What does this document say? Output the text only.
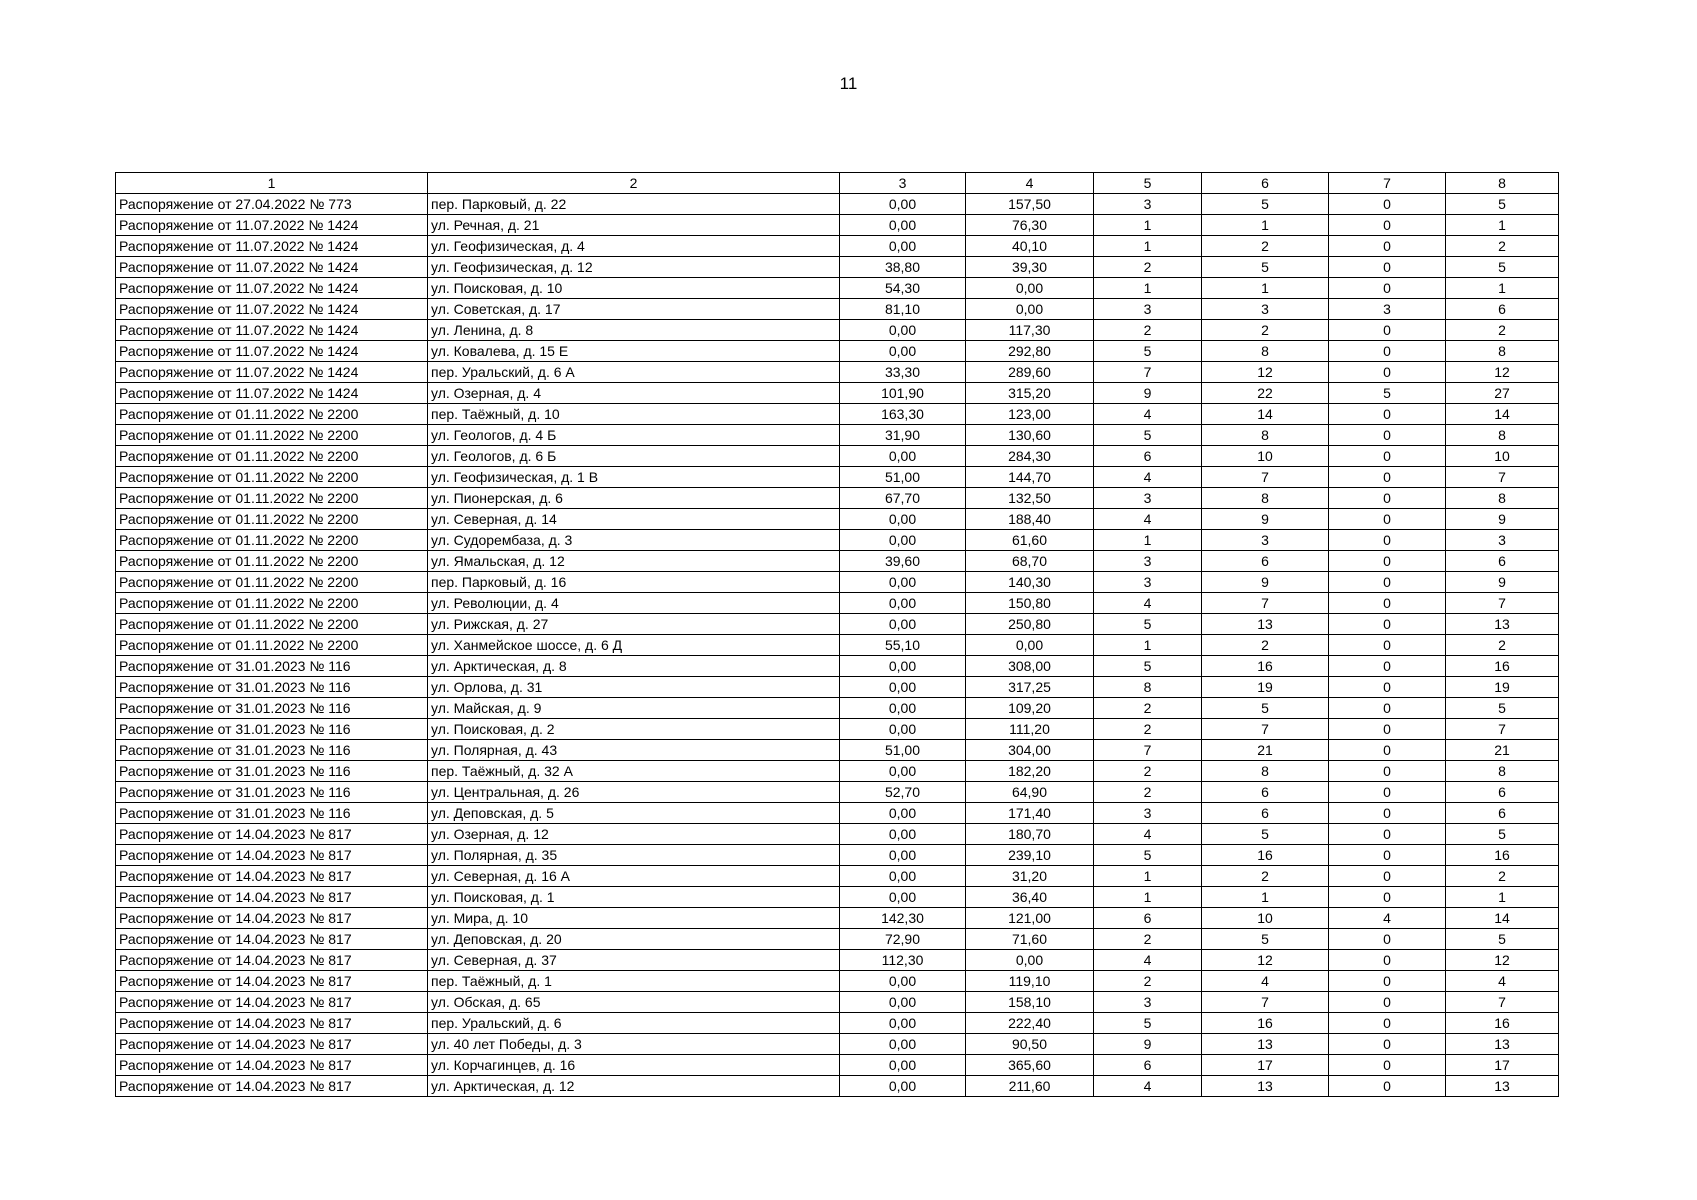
11
1	2	3	4	5	6	7	8
Распоряжение от 27.04.2022 № 773	пер. Парковый, д. 22	0,00	157,50	3	5	0	5
Распоряжение от 11.07.2022 № 1424	ул. Речная, д. 21	0,00	76,30	1	1	0	1
Распоряжение от 11.07.2022 № 1424	ул. Геофизическая, д. 4	0,00	40,10	1	2	0	2
Распоряжение от 11.07.2022 № 1424	ул. Геофизическая, д. 12	38,80	39,30	2	5	0	5
Распоряжение от 11.07.2022 № 1424	ул. Поисковая, д. 10	54,30	0,00	1	1	0	1
Распоряжение от 11.07.2022 № 1424	ул. Советская, д. 17	81,10	0,00	3	3	3	6
Распоряжение от 11.07.2022 № 1424	ул. Ленина, д. 8	0,00	117,30	2	2	0	2
Распоряжение от 11.07.2022 № 1424	ул. Ковалева, д. 15 Е	0,00	292,80	5	8	0	8
Распоряжение от 11.07.2022 № 1424	пер. Уральский, д. 6 А	33,30	289,60	7	12	0	12
Распоряжение от 11.07.2022 № 1424	ул. Озерная, д. 4	101,90	315,20	9	22	5	27
Распоряжение от 01.11.2022 № 2200	пер. Таёжный, д. 10	163,30	123,00	4	14	0	14
Распоряжение от 01.11.2022 № 2200	ул. Геологов, д. 4 Б	31,90	130,60	5	8	0	8
Распоряжение от 01.11.2022 № 2200	ул. Геологов, д. 6 Б	0,00	284,30	6	10	0	10
Распоряжение от 01.11.2022 № 2200	ул. Геофизическая, д. 1 В	51,00	144,70	4	7	0	7
Распоряжение от 01.11.2022 № 2200	ул. Пионерская, д. 6	67,70	132,50	3	8	0	8
Распоряжение от 01.11.2022 № 2200	ул. Северная, д. 14	0,00	188,40	4	9	0	9
Распоряжение от 01.11.2022 № 2200	ул. Судорембаза, д. 3	0,00	61,60	1	3	0	3
Распоряжение от 01.11.2022 № 2200	ул. Ямальская, д. 12	39,60	68,70	3	6	0	6
Распоряжение от 01.11.2022 № 2200	пер. Парковый, д. 16	0,00	140,30	3	9	0	9
Распоряжение от 01.11.2022 № 2200	ул. Революции, д. 4	0,00	150,80	4	7	0	7
Распоряжение от 01.11.2022 № 2200	ул. Рижская, д. 27	0,00	250,80	5	13	0	13
Распоряжение от 01.11.2022 № 2200	ул. Ханмейское шоссе, д. 6 Д	55,10	0,00	1	2	0	2
Распоряжение от 31.01.2023 № 116	ул. Арктическая, д. 8	0,00	308,00	5	16	0	16
Распоряжение от 31.01.2023 № 116	ул. Орлова, д. 31	0,00	317,25	8	19	0	19
Распоряжение от 31.01.2023 № 116	ул. Майская, д. 9	0,00	109,20	2	5	0	5
Распоряжение от 31.01.2023 № 116	ул. Поисковая, д. 2	0,00	111,20	2	7	0	7
Распоряжение от 31.01.2023 № 116	ул. Полярная, д. 43	51,00	304,00	7	21	0	21
Распоряжение от 31.01.2023 № 116	пер. Таёжный, д. 32 А	0,00	182,20	2	8	0	8
Распоряжение от 31.01.2023 № 116	ул. Центральная, д. 26	52,70	64,90	2	6	0	6
Распоряжение от 31.01.2023 № 116	ул. Деповская, д. 5	0,00	171,40	3	6	0	6
Распоряжение от 14.04.2023 № 817	ул. Озерная, д. 12	0,00	180,70	4	5	0	5
Распоряжение от 14.04.2023 № 817	ул. Полярная, д. 35	0,00	239,10	5	16	0	16
Распоряжение от 14.04.2023 № 817	ул. Северная, д. 16 А	0,00	31,20	1	2	0	2
Распоряжение от 14.04.2023 № 817	ул. Поисковая, д. 1	0,00	36,40	1	1	0	1
Распоряжение от 14.04.2023 № 817	ул. Мира, д. 10	142,30	121,00	6	10	4	14
Распоряжение от 14.04.2023 № 817	ул. Деповская, д. 20	72,90	71,60	2	5	0	5
Распоряжение от 14.04.2023 № 817	ул. Северная, д. 37	112,30	0,00	4	12	0	12
Распоряжение от 14.04.2023 № 817	пер. Таёжный, д. 1	0,00	119,10	2	4	0	4
Распоряжение от 14.04.2023 № 817	ул. Обская, д. 65	0,00	158,10	3	7	0	7
Распоряжение от 14.04.2023 № 817	пер. Уральский, д. 6	0,00	222,40	5	16	0	16
Распоряжение от 14.04.2023 № 817	ул. 40 лет Победы, д. 3	0,00	90,50	9	13	0	13
Распоряжение от 14.04.2023 № 817	ул. Корчагинцев, д. 16	0,00	365,60	6	17	0	17
Распоряжение от 14.04.2023 № 817	ул. Арктическая, д. 12	0,00	211,60	4	13	0	13
